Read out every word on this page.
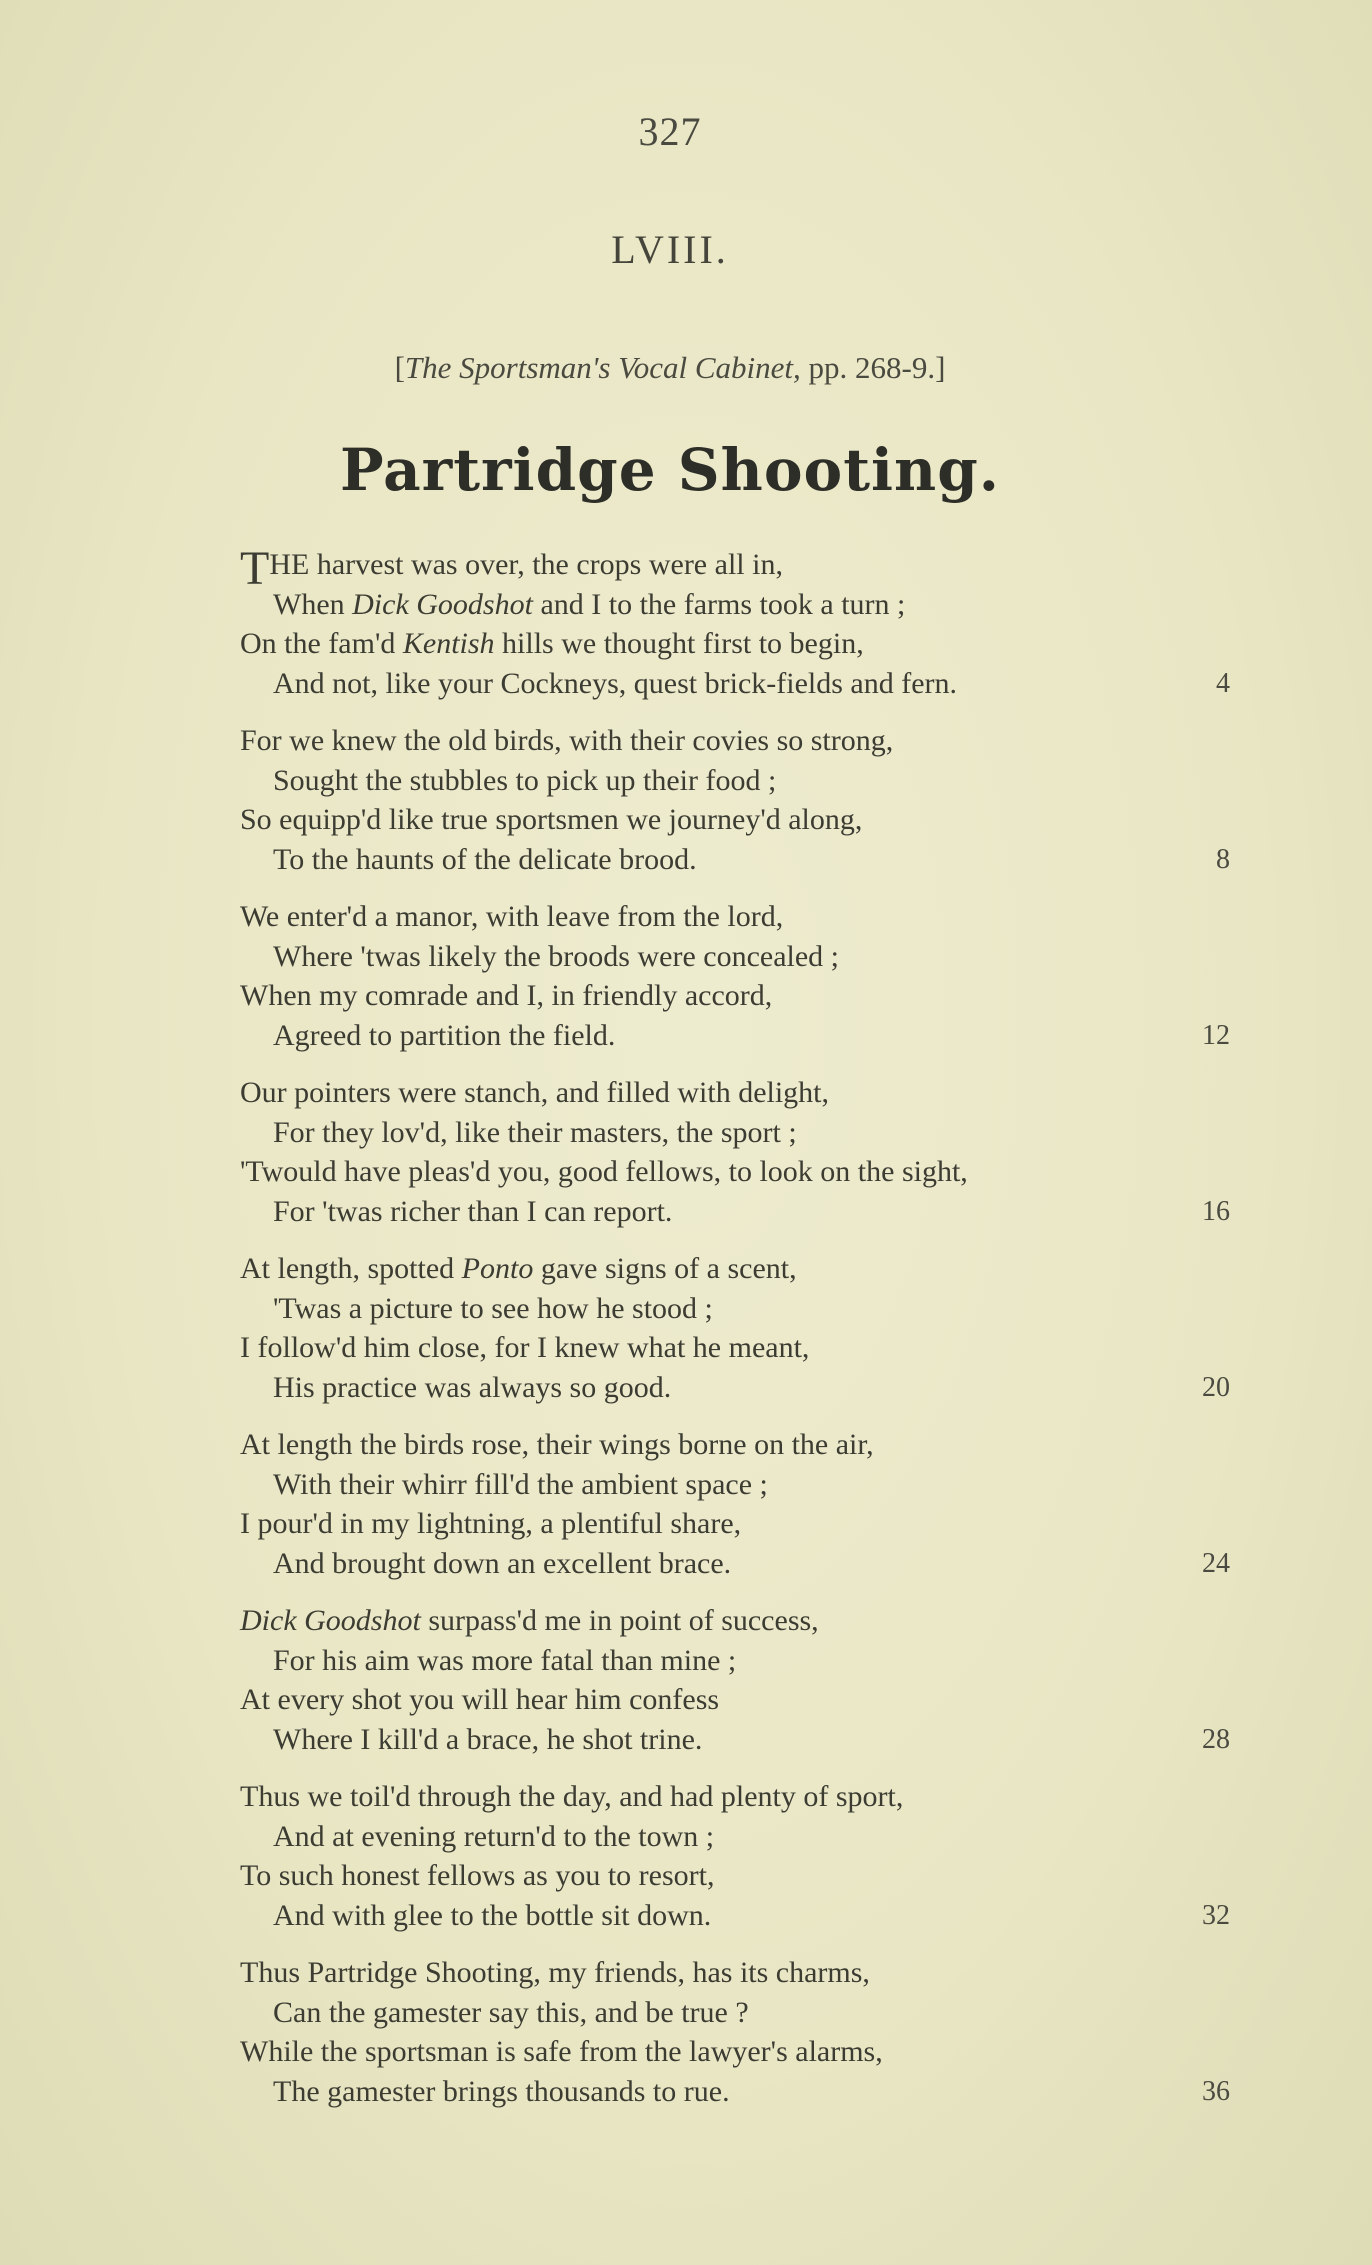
327
LVIII.
[The Sportsman's Vocal Cabinet, pp. 268-9.]
Partridge Shooting.
THE harvest was over, the crops were all in,
When Dick Goodshot and I to the farms took a turn ;
On the fam'd Kentish hills we thought first to begin,
And not, like your Cockneys, quest brick-fields and fern.	4
For we knew the old birds, with their covies so strong,
Sought the stubbles to pick up their food ;
So equipp'd like true sportsmen we journey'd along,
To the haunts of the delicate brood.	8
We enter'd a manor, with leave from the lord,
Where 'twas likely the broods were concealed ;
When my comrade and I, in friendly accord,
Agreed to partition the field.	12
Our pointers were stanch, and filled with delight,
For they lov'd, like their masters, the sport ;
'Twould have pleas'd you, good fellows, to look on the sight,
For 'twas richer than I can report.	16
At length, spotted Ponto gave signs of a scent,
'Twas a picture to see how he stood ;
I follow'd him close, for I knew what he meant,
His practice was always so good.	20
At length the birds rose, their wings borne on the air,
With their whirr fill'd the ambient space ;
I pour'd in my lightning, a plentiful share,
And brought down an excellent brace.	24
Dick Goodshot surpass'd me in point of success,
For his aim was more fatal than mine ;
At every shot you will hear him confess
Where I kill'd a brace, he shot trine.	28
Thus we toil'd through the day, and had plenty of sport,
And at evening return'd to the town ;
To such honest fellows as you to resort,
And with glee to the bottle sit down.	32
Thus Partridge Shooting, my friends, has its charms,
Can the gamester say this, and be true ?
While the sportsman is safe from the lawyer's alarms,
The gamester brings thousands to rue.	36
